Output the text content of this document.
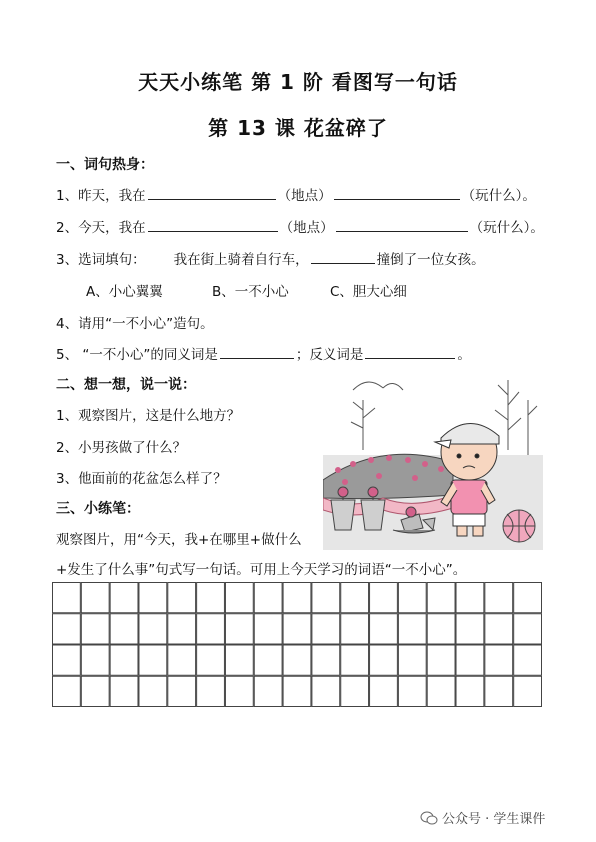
天天小练笔 第 1 阶 看图写一句话
第 13 课 花盆碎了
一、词句热身：
1、昨天，我在	（地点）	（玩什么）。
2、今天，我在	（地点）	（玩什么）。
3、选词填句： 我在街上骑着自行车，	撞倒了一位女孩。
A、小心翼翼	B、一不小心	C、胆大心细
4、请用“一不小心”造句。
5、 “一不小心”的同义词是	；反义词是	。
二、想一想，说一说：
1、观察图片，这是什么地方？
2、小男孩做了什么？
3、他面前的花盆怎么样了？
三、小练笔：
观察图片，用“今天，我+在哪里+做什么
+发生了什么事”句式写一句话。可用上今天学习的词语“一不小心”。
公众号 · 学生课件
